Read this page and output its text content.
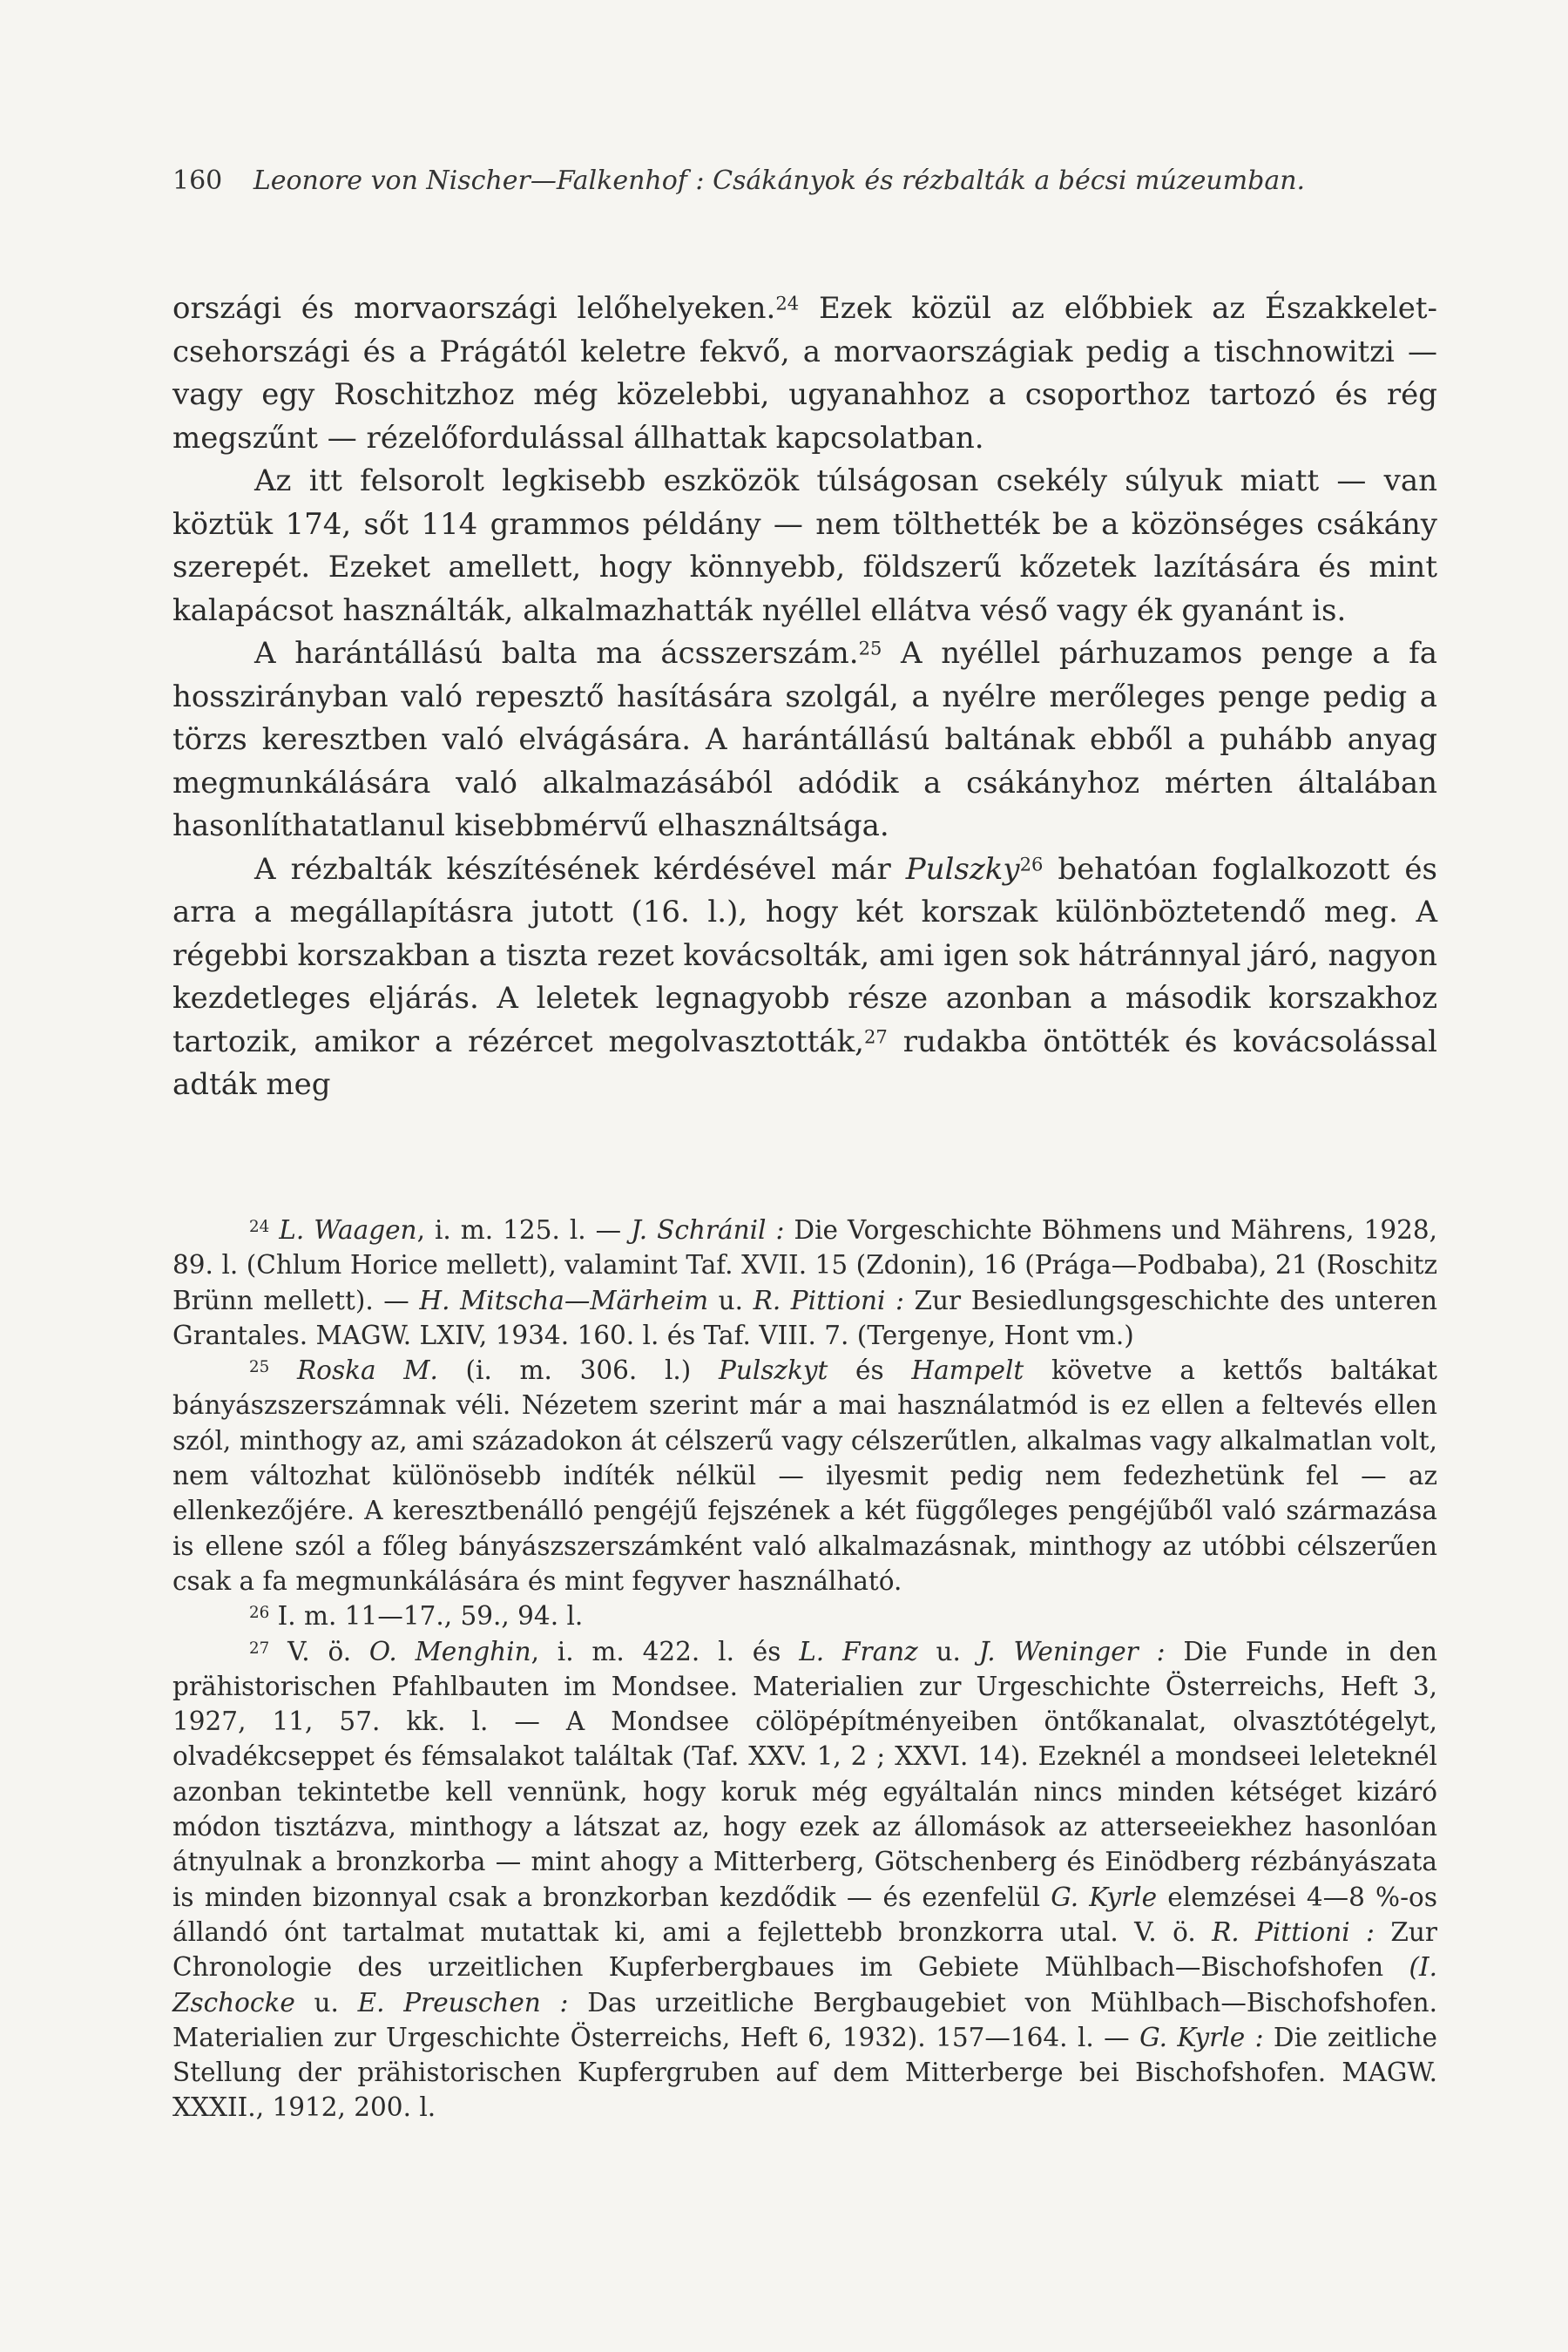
160 Leonore von Nischer—Falkenhof : Csákányok és rézbalták a bécsi múzeumban.

országi és morvaországi lelőhelyeken.$^{24}$ Ezek közül az előbbiek az Északkelet-csehországi és a Prágától keletre fekvő, a morvaországiak pedig a tischnowitzi — vagy egy Roschitzhoz még közelebbi, ugyanahhoz a csoporthoz tartozó és rég megszűnt — rézelőfordulással állhattak kapcsolatban.

Az itt felsorolt legkisebb eszközök túlságosan csekély súlyuk miatt — van köztük 174, sőt 114 grammos példány — nem tölthették be a közönséges csákány szerepét. Ezeket amellett, hogy könnyebb, földszerű kőzetek lazítására és mint kalapácsot használták, alkalmazhatták nyéllel ellátva véső vagy ék gyanánt is.

A harántállású balta ma ácsszerszám.$^{25}$ A nyéllel párhuzamos penge a fa hosszirányban való repesztő hasítására szolgál, a nyélre merőleges penge pedig a törzs keresztben való elvágására. A harántállású baltának ebből a puhább anyag megmunkálására való alkalmazásából adódik a csákányhoz mérten általában hasonlíthatatlanul kisebbmérvű elhasználtsága.

A rézbalták készítésének kérdésével már Pulszky$^{26}$ behatóan foglalkozott és arra a megállapításra jutott (16. l.), hogy két korszak különböztetendő meg. A régebbi korszakban a tiszta rezet kovácsolták, ami igen sok hátránnyal járó, nagyon kezdetleges eljárás. A leletek legnagyobb része azonban a második korszakhoz tartozik, amikor a rézércet megolvasztották,$^{27}$ rudakba öntötték és kovácsolással adták meg

$^{24}$ L. Waagen, i. m. 125. l. — J. Schránil : Die Vorgeschichte Böhmens und Mährens, 1928, 89. l. (Chlum Horice mellett), valamint Taf. XVII. 15 (Zdonin), 16 (Prága—Podbaba), 21 (Roschitz Brünn mellett). — H. Mitscha—Märheim u. R. Pittioni : Zur Besiedlungsgeschichte des unteren Grantales. MAGW. LXIV, 1934. 160. l. és Taf. VIII. 7. (Tergenye, Hont vm.)

$^{25}$ Roska M. (i. m. 306. l.) Pulszkyt és Hampelt követve a kettős baltákat bányászszerszámnak véli. Nézetem szerint már a mai használatmód is ez ellen a feltevés ellen szól, minthogy az, ami századokon át célszerű vagy célszerűtlen, alkalmas vagy alkalmatlan volt, nem változhat különösebb indíték nélkül — ilyesmit pedig nem fedezhetünk fel — az ellenkezőjére. A keresztbenálló pengéjű fejszének a két függőleges pengéjűből való származása is ellene szól a főleg bányászszerszámként való alkalmazásnak, minthogy az utóbbi célszerűen csak a fa megmunkálására és mint fegyver használható.

$^{26}$ I. m. 11—17., 59., 94. l.

$^{27}$ V. ö. O. Menghin, i. m. 422. l. és L. Franz u. J. Weninger : Die Funde in den prähistorischen Pfahlbauten im Mondsee. Materialien zur Urgeschichte Österreichs, Heft 3, 1927, 11, 57. kk. l. — A Mondsee cölöpépítményeiben öntőkanalat, olvasztótégelyt, olvadékcseppet és fémsalakot találtak (Taf. XXV. 1, 2 ; XXVI. 14). Ezeknél a mondseei leleteknél azonban tekintetbe kell vennünk, hogy koruk még egyáltalán nincs minden kétséget kizáró módon tisztázva, minthogy a látszat az, hogy ezek az állomások az atterseeiekhez hasonlóan átnyulnak a bronzkorba — mint ahogy a Mitterberg, Götschenberg és Einödberg rézbányászata is minden bizonnyal csak a bronzkorban kezdődik — és ezenfelül G. Kyrle elemzései 4—8 %-os állandó ónt tartalmat mutattak ki, ami a fejlettebb bronzkorra utal. V. ö. R. Pittioni : Zur Chronologie des urzeitlichen Kupferbergbaues im Gebiete Mühlbach—Bischofshofen (I. Zschocke u. E. Preuschen : Das urzeitliche Bergbaugebiet von Mühlbach—Bischofshofen. Materialien zur Urgeschichte Österreichs, Heft 6, 1932). 157—164. l. — G. Kyrle : Die zeitliche Stellung der prähistorischen Kupfergruben auf dem Mitterberge bei Bischofshofen. MAGW. XXXII., 1912, 200. l.
